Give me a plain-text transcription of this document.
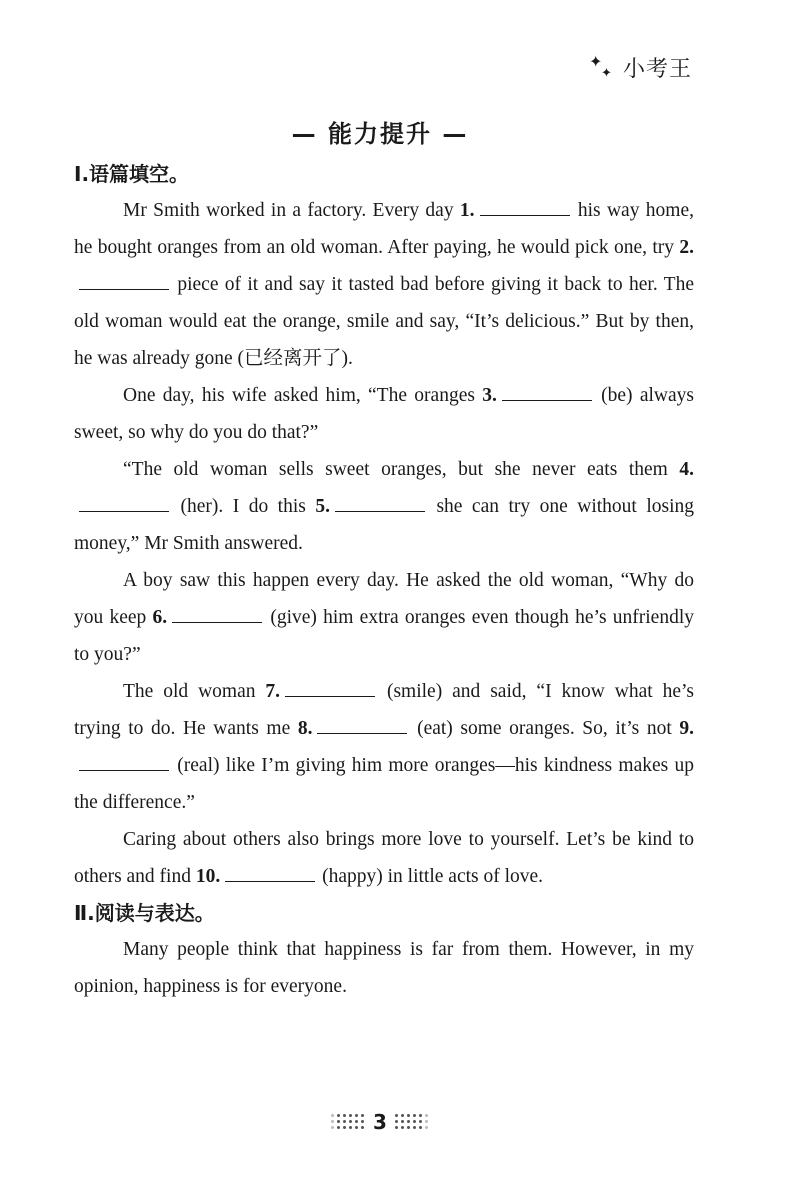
✦
✦ 小考王
— 能力提升 —
Ⅰ.语篇填空。

Mr Smith worked in a factory. Every day 1.	his way home, he bought oranges from an old woman. After paying, he would pick one, try 2. piece of it and say it tasted bad before giving it back to her. The old woman would eat the orange, smile and say, “It’s delicious.” But by then, he was already gone (已经离开了).

One day, his wife asked him, “The oranges 3.	(be) always sweet, so why do you do that?”

“The old woman sells sweet oranges, but she never eats them 4. (her). I do this 5.	she can try one without losing money,” Mr Smith answered.

A boy saw this happen every day. He asked the old woman, “Why do you keep 6.	(give) him extra oranges even though he’s unfriendly to you?”

The old woman 7.	(smile) and said, “I know what he’s trying to do. He wants me 8.	(eat) some oranges. So, it’s not 9. (real) like I’m giving him more oranges—his kindness makes up the difference.”

Caring about others also brings more love to yourself. Let’s be kind to others and find 10.	(happy) in little acts of love.

Ⅱ.阅读与表达。

Many people think that happiness is far from them. However, in my opinion, happiness is for everyone.

3
